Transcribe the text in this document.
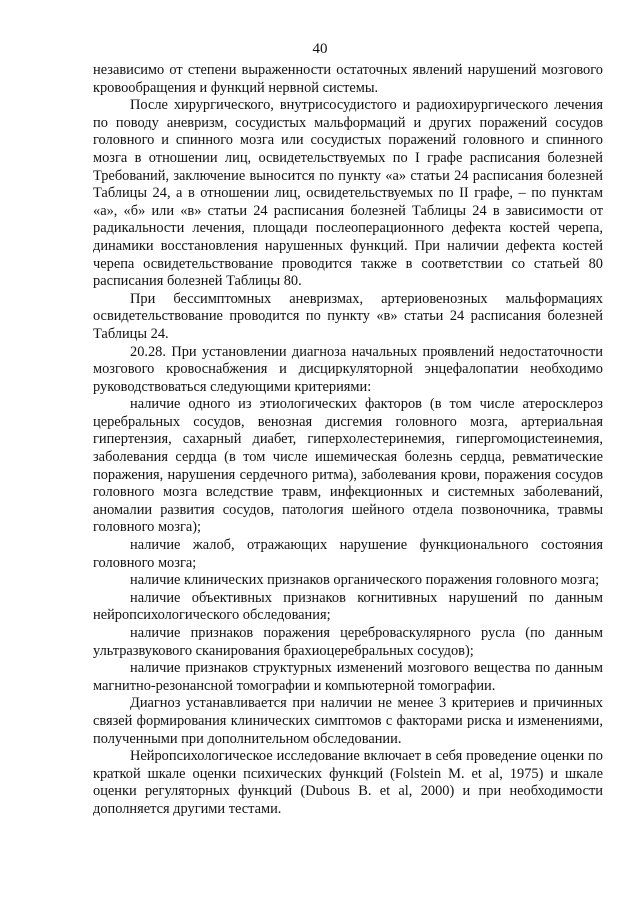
40

независимо от степени выраженности остаточных явлений нарушений мозгового кровообращения и функций нервной системы.

После хирургического, внутрисосудистого и радиохирургического лечения по поводу аневризм, сосудистых мальформаций и других поражений сосудов головного и спинного мозга или сосудистых поражений головного и спинного мозга в отношении лиц, освидетельствуемых по I графе расписания болезней Требований, заключение выносится по пункту «а» статьи 24 расписания болезней Таблицы 24, а в отношении лиц, освидетельствуемых по II графе, – по пунктам «а», «б» или «в» статьи 24 расписания болезней Таблицы 24 в зависимости от радикальности лечения, площади послеоперационного дефекта костей черепа, динамики восстановления нарушенных функций. При наличии дефекта костей черепа освидетельствование проводится также в соответствии со статьей 80 расписания болезней Таблицы 80.

При бессимптомных аневризмах, артериовенозных мальформациях освидетельствование проводится по пункту «в» статьи 24 расписания болезней Таблицы 24.

20.28. При установлении диагноза начальных проявлений недостаточности мозгового кровоснабжения и дисциркуляторной энцефалопатии необходимо руководствоваться следующими критериями:

наличие одного из этиологических факторов (в том числе атеросклероз церебральных сосудов, венозная дисгемия головного мозга, артериальная гипертензия, сахарный диабет, гиперхолестеринемия, гипергомоцистеинемия, заболевания сердца (в том числе ишемическая болезнь сердца, ревматические поражения, нарушения сердечного ритма), заболевания крови, поражения сосудов головного мозга вследствие травм, инфекционных и системных заболеваний, аномалии развития сосудов, патология шейного отдела позвоночника, травмы головного мозга);

наличие жалоб, отражающих нарушение функционального состояния головного мозга;

наличие клинических признаков органического поражения головного мозга;

наличие объективных признаков когнитивных нарушений по данным нейропсихологического обследования;

наличие признаков поражения цереброваскулярного русла (по данным ультразвукового сканирования брахиоцеребральных сосудов);

наличие признаков структурных изменений мозгового вещества по данным магнитно-резонансной томографии и компьютерной томографии.

Диагноз устанавливается при наличии не менее 3 критериев и причинных связей формирования клинических симптомов с факторами риска и изменениями, полученными при дополнительном обследовании.

Нейропсихологическое исследование включает в себя проведение оценки по краткой шкале оценки психических функций (Folstein M. et al, 1975) и шкале оценки регуляторных функций (Dubous B. et al, 2000) и при необходимости дополняется другими тестами.
